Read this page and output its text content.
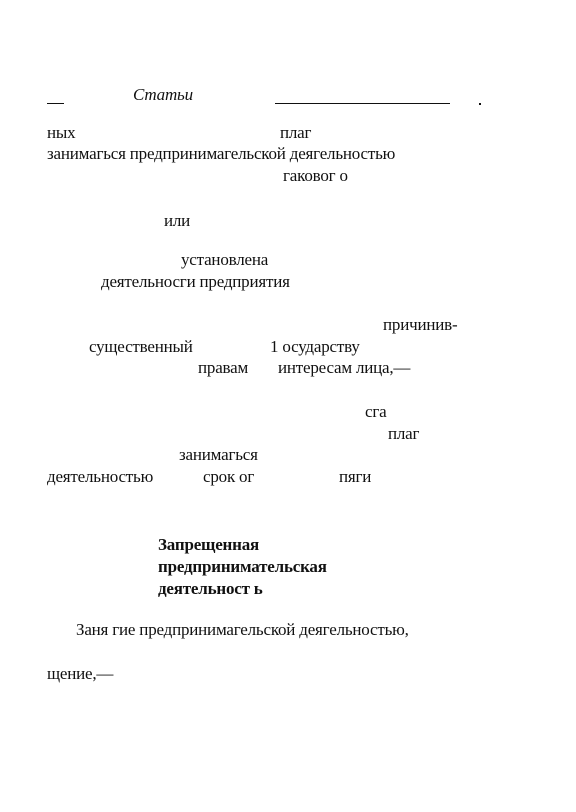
Статьи
ных	плаг
занимагься предпринимагельской деягельностью
гаковог о
или
установлена
деятельносги предприятия
причинив-
существенный	1 осударству
правам интересам лица,—
сга
плаг
занимагься
деятельностью	срок ог	пяги
Запрещенная
предпринимательская
деятельност ь
Заня гие предпринимагельской деягельностью,
щение,—
